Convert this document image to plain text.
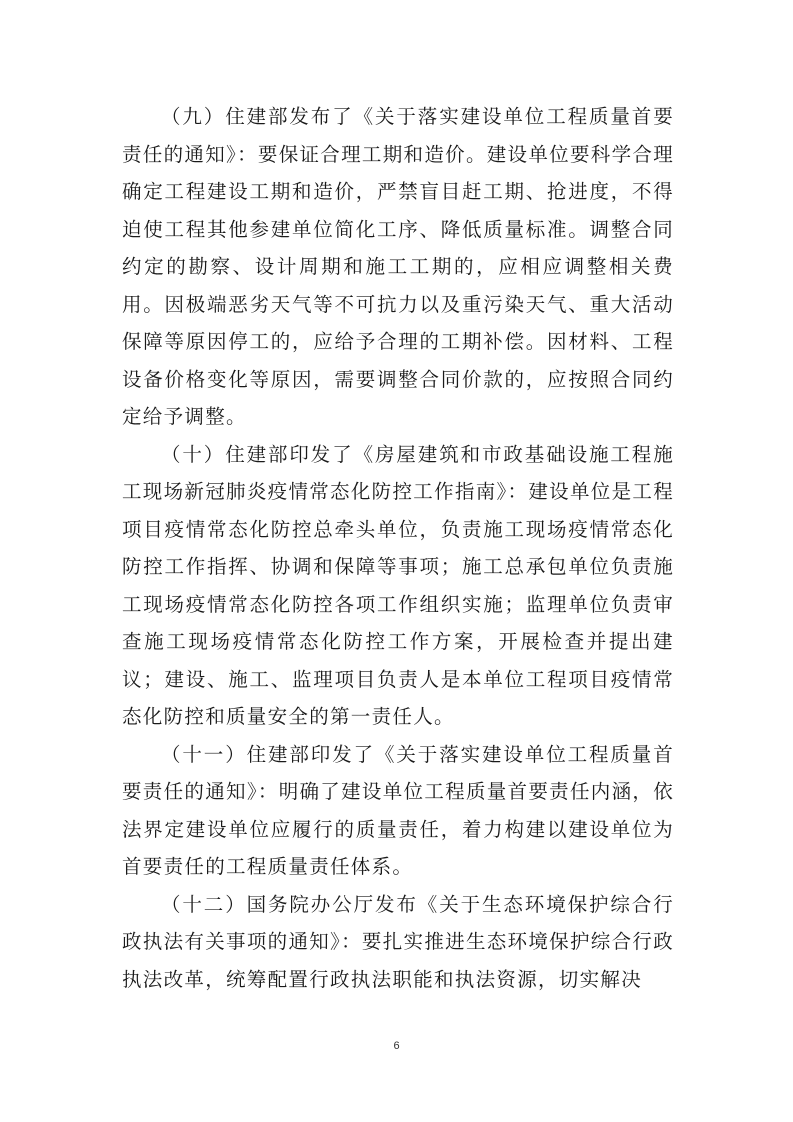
（九）住建部发布了《关于落实建设单位工程质量首要责任的通知》：要保证合理工期和造价。建设单位要科学合理确定工程建设工期和造价，严禁盲目赶工期、抢进度，不得迫使工程其他参建单位简化工序、降低质量标准。调整合同约定的勘察、设计周期和施工工期的，应相应调整相关费用。因极端恶劣天气等不可抗力以及重污染天气、重大活动保障等原因停工的，应给予合理的工期补偿。因材料、工程设备价格变化等原因，需要调整合同价款的，应按照合同约定给予调整。

（十）住建部印发了《房屋建筑和市政基础设施工程施工现场新冠肺炎疫情常态化防控工作指南》：建设单位是工程项目疫情常态化防控总牵头单位，负责施工现场疫情常态化防控工作指挥、协调和保障等事项；施工总承包单位负责施工现场疫情常态化防控各项工作组织实施；监理单位负责审查施工现场疫情常态化防控工作方案，开展检查并提出建议；建设、施工、监理项目负责人是本单位工程项目疫情常态化防控和质量安全的第一责任人。

（十一）住建部印发了《关于落实建设单位工程质量首要责任的通知》：明确了建设单位工程质量首要责任内涵，依法界定建设单位应履行的质量责任，着力构建以建设单位为首要责任的工程质量责任体系。

（十二）国务院办公厅发布《关于生态环境保护综合行政执法有关事项的通知》：要扎实推进生态环境保护综合行政执法改革，统筹配置行政执法职能和执法资源，切实解决

6
